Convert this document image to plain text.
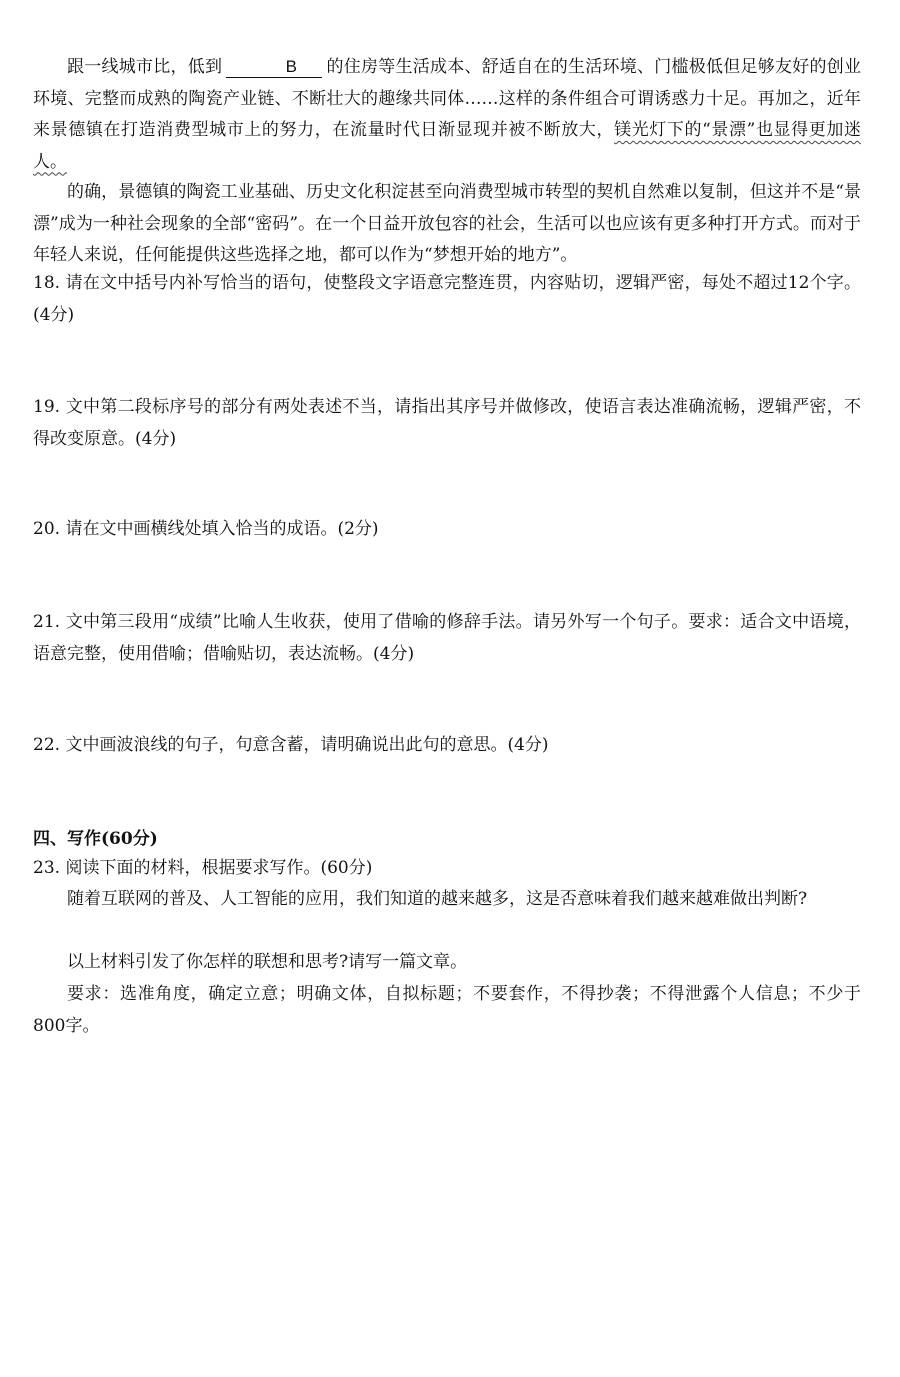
跟一线城市比，低到	B 的住房等生活成本、舒适自在的生活环境、门槛极低但足够友好的创业环境、完整而成熟的陶瓷产业链、不断壮大的趣缘共同体……这样的条件组合可谓诱惑力十足。再加之，近年来景德镇在打造消费型城市上的努力，在流量时代日渐显现并被不断放大，镁光灯下的“景漂”也显得更加迷人。

的确，景德镇的陶瓷工业基础、历史文化积淀甚至向消费型城市转型的契机自然难以复制，但这并不是“景漂”成为一种社会现象的全部“密码”。在一个日益开放包容的社会，生活可以也应该有更多种打开方式。而对于年轻人来说，任何能提供这些选择之地，都可以作为“梦想开始的地方”。

18. 请在文中括号内补写恰当的语句，使整段文字语意完整连贯，内容贴切，逻辑严密，每处不超过12个字。(4分)

19. 文中第二段标序号的部分有两处表述不当，请指出其序号并做修改，使语言表达准确流畅，逻辑严密，不得改变原意。(4分)

20. 请在文中画横线处填入恰当的成语。(2分)

21. 文中第三段用“成绩”比喻人生收获，使用了借喻的修辞手法。请另外写一个句子。要求：适合文中语境，语意完整，使用借喻；借喻贴切，表达流畅。(4分)

22. 文中画波浪线的句子，句意含蓄，请明确说出此句的意思。(4分)

四、写作(60分)

23. 阅读下面的材料，根据要求写作。(60分)

随着互联网的普及、人工智能的应用，我们知道的越来越多，这是否意味着我们越来越难做出判断?

以上材料引发了你怎样的联想和思考?请写一篇文章。

要求：选准角度，确定立意；明确文体，自拟标题；不要套作，不得抄袭；不得泄露个人信息；不少于800字。
